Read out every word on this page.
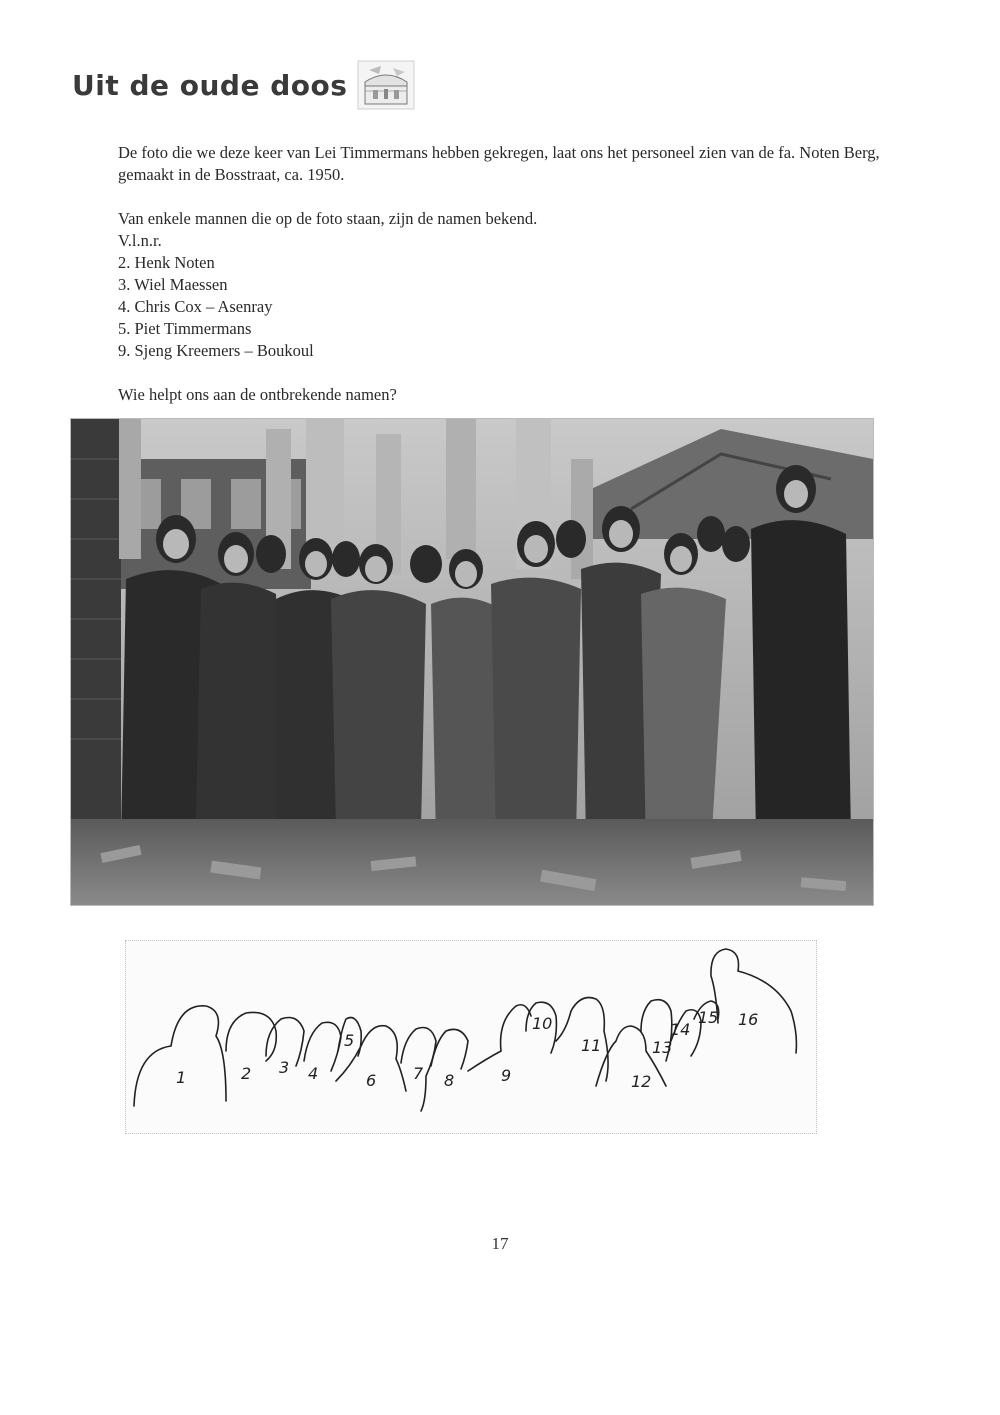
Uit de oude doos

De foto die we deze keer van Lei Timmermans hebben gekregen, laat ons het personeel zien van de fa. Noten Berg, gemaakt in de Bosstraat, ca. 1950.

Van enkele mannen die op de foto staan, zijn de namen bekend.

V.l.n.r.

2. Henk Noten
3. Wiel Maessen
4. Chris Cox – Asenray
5. Piet Timmermans
9. Sjeng Kreemers – Boukoul

Wie helpt ons aan de ontbrekende namen?

1	2 3 4
5
6 7 8	9
10
11
12
13
14
15 16
17
